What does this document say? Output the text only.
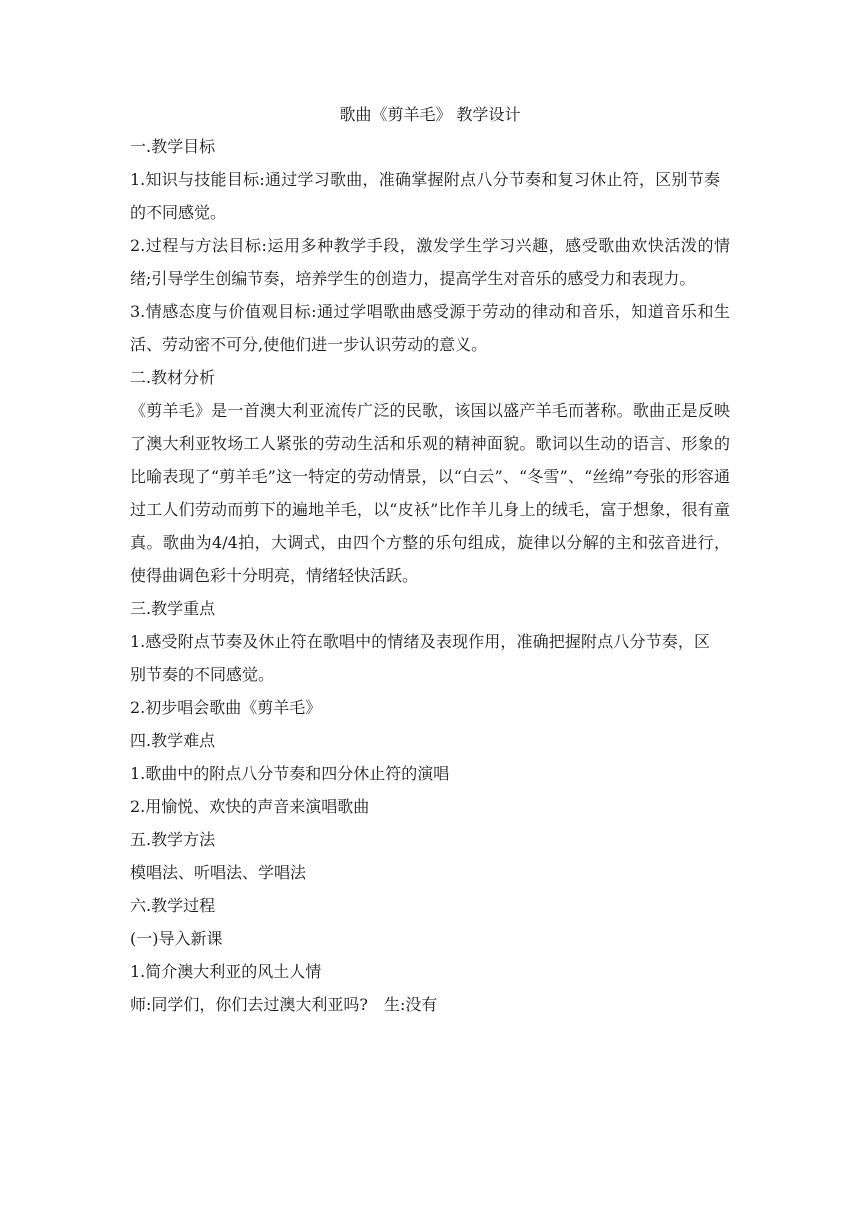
歌曲《剪羊毛》 教学设计

一.教学目标

1.知识与技能目标:通过学习歌曲，准确掌握附点八分节奏和复习休止符，区别节奏的不同感觉。

2.过程与方法目标:运用多种教学手段，激发学生学习兴趣，感受歌曲欢快活泼的情绪;引导学生创编节奏，培养学生的创造力，提高学生对音乐的感受力和表现力。

3.情感态度与价值观目标:通过学唱歌曲感受源于劳动的律动和音乐，知道音乐和生活、劳动密不可分,使他们进一步认识劳动的意义。

二.教材分析

《剪羊毛》是一首澳大利亚流传广泛的民歌，该国以盛产羊毛而著称。歌曲正是反映了澳大利亚牧场工人紧张的劳动生活和乐观的精神面貌。歌词以生动的语言、形象的比喻表现了“剪羊毛”这一特定的劳动情景，以“白云”、“冬雪”、“丝绵”夸张的形容通过工人们劳动而剪下的遍地羊毛，以“皮袄”比作羊儿身上的绒毛，富于想象，很有童真。歌曲为4/4拍，大调式，由四个方整的乐句组成，旋律以分解的主和弦音进行，使得曲调色彩十分明亮，情绪轻快活跃。

三.教学重点

1.感受附点节奏及休止符在歌唱中的情绪及表现作用，准确把握附点八分节奏，区别节奏的不同感觉。

2.初步唱会歌曲《剪羊毛》

四.教学难点

1.歌曲中的附点八分节奏和四分休止符的演唱

2.用愉悦、欢快的声音来演唱歌曲

五.教学方法

模唱法、听唱法、学唱法

六.教学过程

(一)导入新课

1.简介澳大利亚的风土人情

师:同学们，你们去过澳大利亚吗?　生:没有
